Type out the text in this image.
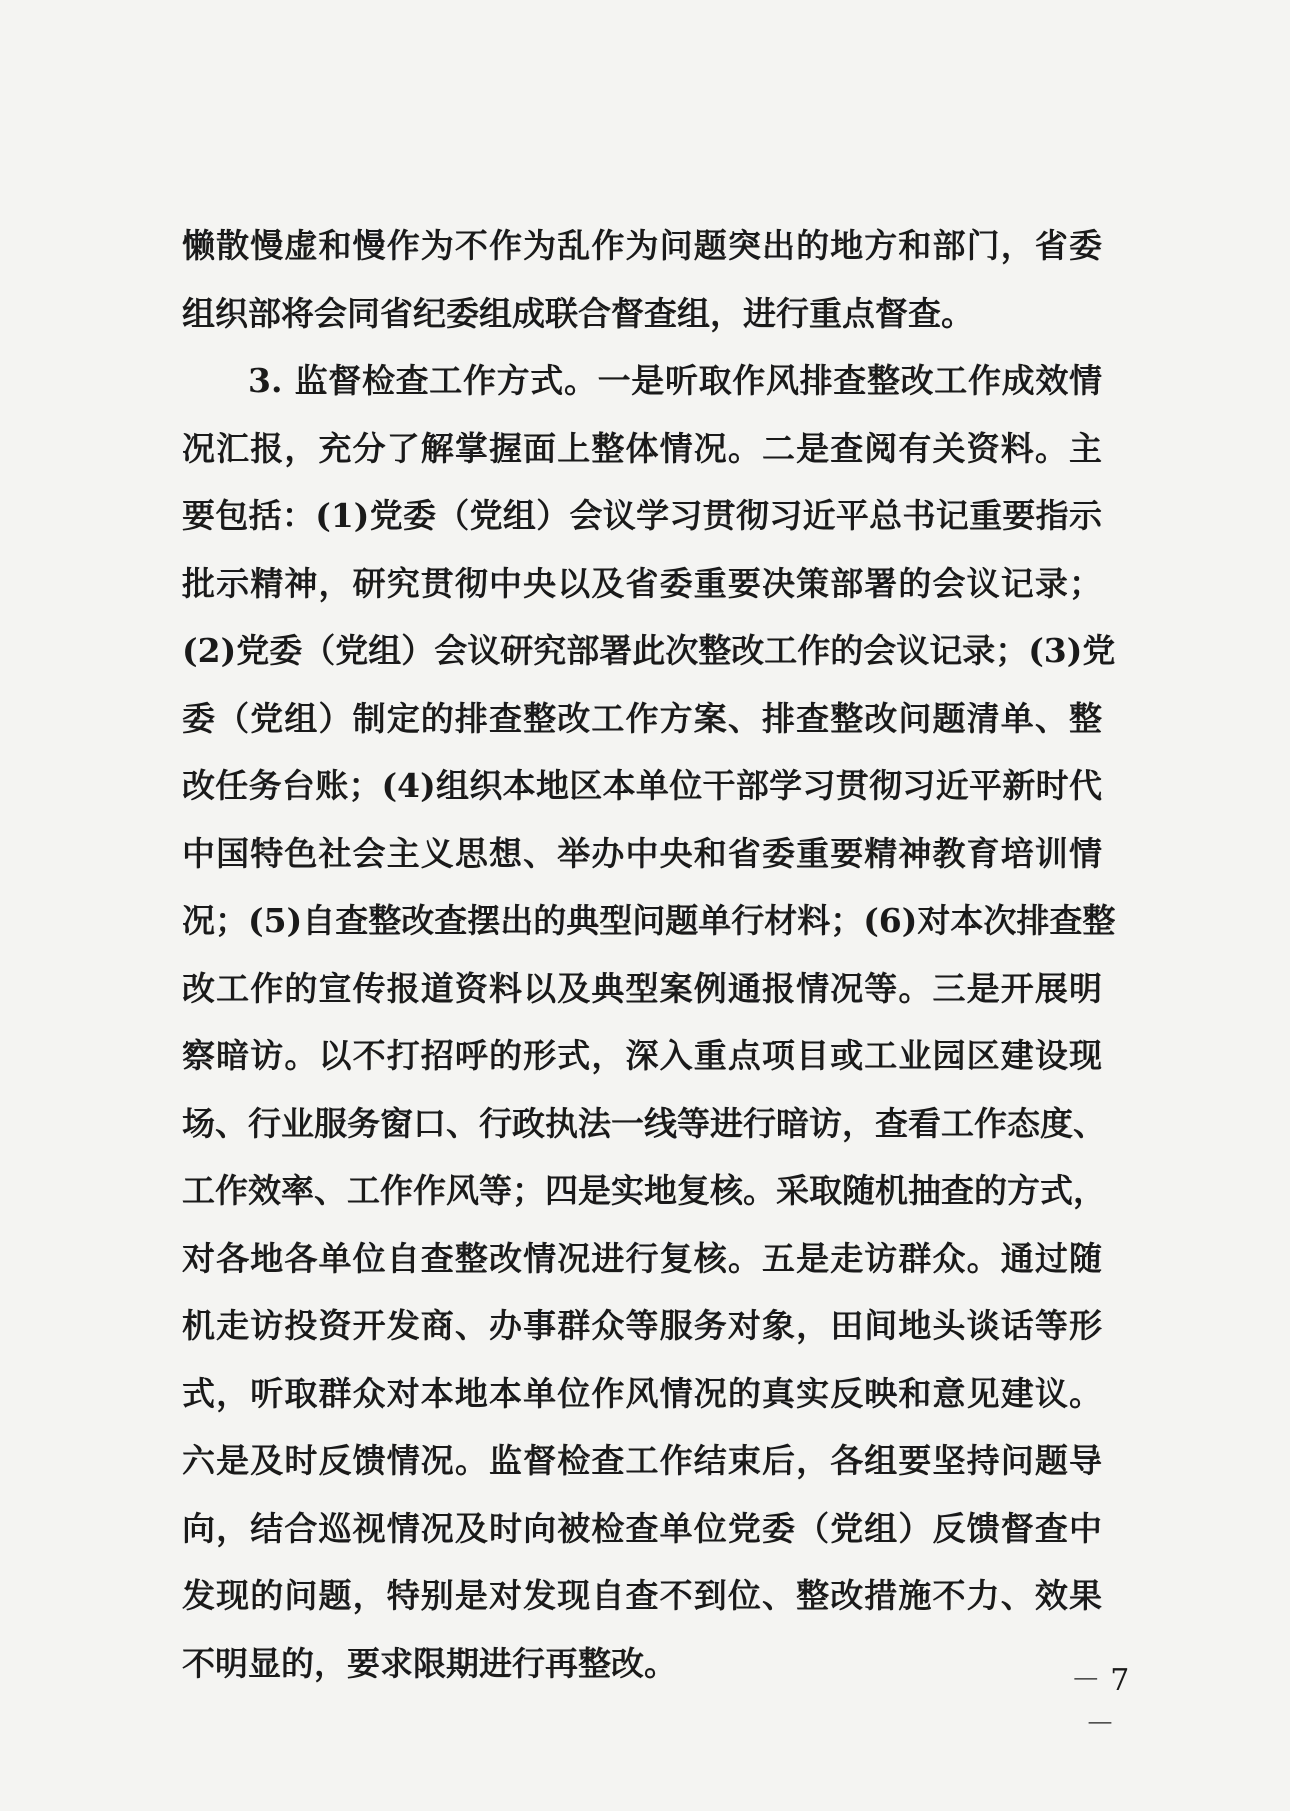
懒散慢虚和慢作为不作为乱作为问题突出的地方和部门，省委
组织部将会同省纪委组成联合督查组，进行重点督查。
3. 监督检查工作方式。一是听取作风排查整改工作成效情
况汇报，充分了解掌握面上整体情况。二是查阅有关资料。主
要包括：(1)党委（党组）会议学习贯彻习近平总书记重要指示
批示精神，研究贯彻中央以及省委重要决策部署的会议记录；
(2)党委（党组）会议研究部署此次整改工作的会议记录；(3)党
委（党组）制定的排查整改工作方案、排查整改问题清单、整
改任务台账；(4)组织本地区本单位干部学习贯彻习近平新时代
中国特色社会主义思想、举办中央和省委重要精神教育培训情
况；(5)自查整改查摆出的典型问题单行材料；(6)对本次排查整
改工作的宣传报道资料以及典型案例通报情况等。三是开展明
察暗访。以不打招呼的形式，深入重点项目或工业园区建设现
场、行业服务窗口、行政执法一线等进行暗访，查看工作态度、
工作效率、工作作风等；四是实地复核。采取随机抽查的方式，
对各地各单位自查整改情况进行复核。五是走访群众。通过随
机走访投资开发商、办事群众等服务对象，田间地头谈话等形
式，听取群众对本地本单位作风情况的真实反映和意见建议。
六是及时反馈情况。监督检查工作结束后，各组要坚持问题导
向，结合巡视情况及时向被检查单位党委（党组）反馈督查中
发现的问题，特别是对发现自查不到位、整改措施不力、效果
不明显的，要求限期进行再整改。	－ 7 －
